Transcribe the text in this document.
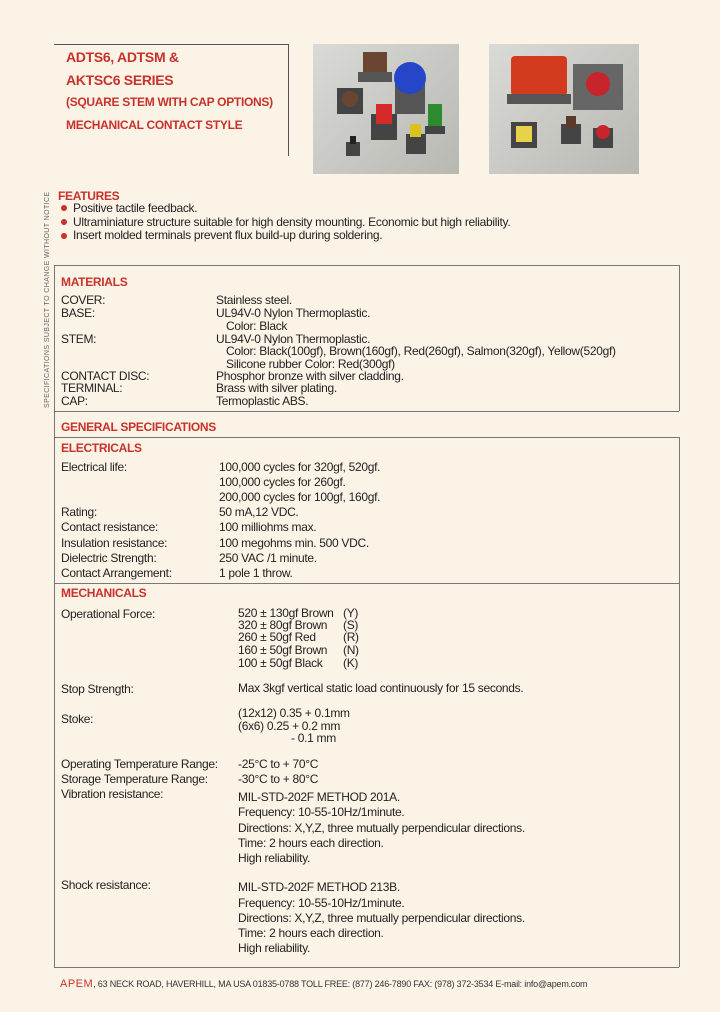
ADTS6, ADTSM &
AKTSC6 SERIES
(SQUARE STEM WITH CAP OPTIONS)
MECHANICAL CONTACT STYLE
SPECIFICATIONS SUBJECT TO CHANGE WITHOUT NOTICE FEATURES
Positive tactile feedback.
Ultraminiature structure suitable for high density mounting. Economic but high reliability.
Insert molded terminals prevent flux build-up during soldering.
MATERIALS
COVER:	Stainless steel.
BASE:	UL94V-0 Nylon Thermoplastic.
Color: Black
STEM:	UL94V-0 Nylon Thermoplastic.
Color: Black(100gf), Brown(160gf), Red(260gf), Salmon(320gf), Yellow(520gf)
Silicone rubber Color: Red(300gf)
CONTACT DISC:	Phosphor bronze with silver cladding.
TERMINAL:	Brass with silver plating.
CAP:	Termoplastic ABS.
GENERAL SPECIFICATIONS
ELECTRICALS
Electrical life:	100,000 cycles for 320gf, 520gf.
100,000 cycles for 260gf.
200,000 cycles for 100gf, 160gf.
Rating:	50 mA,12 VDC.
Contact resistance:	100 milliohms max.
Insulation resistance:	100 megohms min. 500 VDC.
Dielectric Strength:	250 VAC /1 minute.
Contact Arrangement:	1 pole 1 throw.
MECHANICALS
Operational Force:	520 ± 130gf Brown (Y)
320 ± 80gf Brown (S)
260 ± 50gf Red (R)
160 ± 50gf Brown (N)
100 ± 50gf Black (K)
Stop Strength:	Max 3kgf vertical static load continuously for 15 seconds.
Stoke:	(12x12) 0.35 + 0.1mm
(6x6) 0.25 + 0.2 mm
- 0.1 mm
Operating Temperature Range: -25°C to + 70°C
Storage Temperature Range:	-30°C to + 80°C
Vibration resistance:	MIL-STD-202F METHOD 201A.
Frequency: 10-55-10Hz/1minute.
Directions: X,Y,Z, three mutually perpendicular directions.
Time: 2 hours each direction.
High reliability.
Shock resistance:	MIL-STD-202F METHOD 213B.
Frequency: 10-55-10Hz/1minute.
Directions: X,Y,Z, three mutually perpendicular directions.
Time: 2 hours each direction.
High reliability.
APEM, 63 NECK ROAD, HAVERHILL, MA USA 01835-0788 TOLL FREE: (877) 246-7890 FAX: (978) 372-3534 E-mail: info@apem.com
